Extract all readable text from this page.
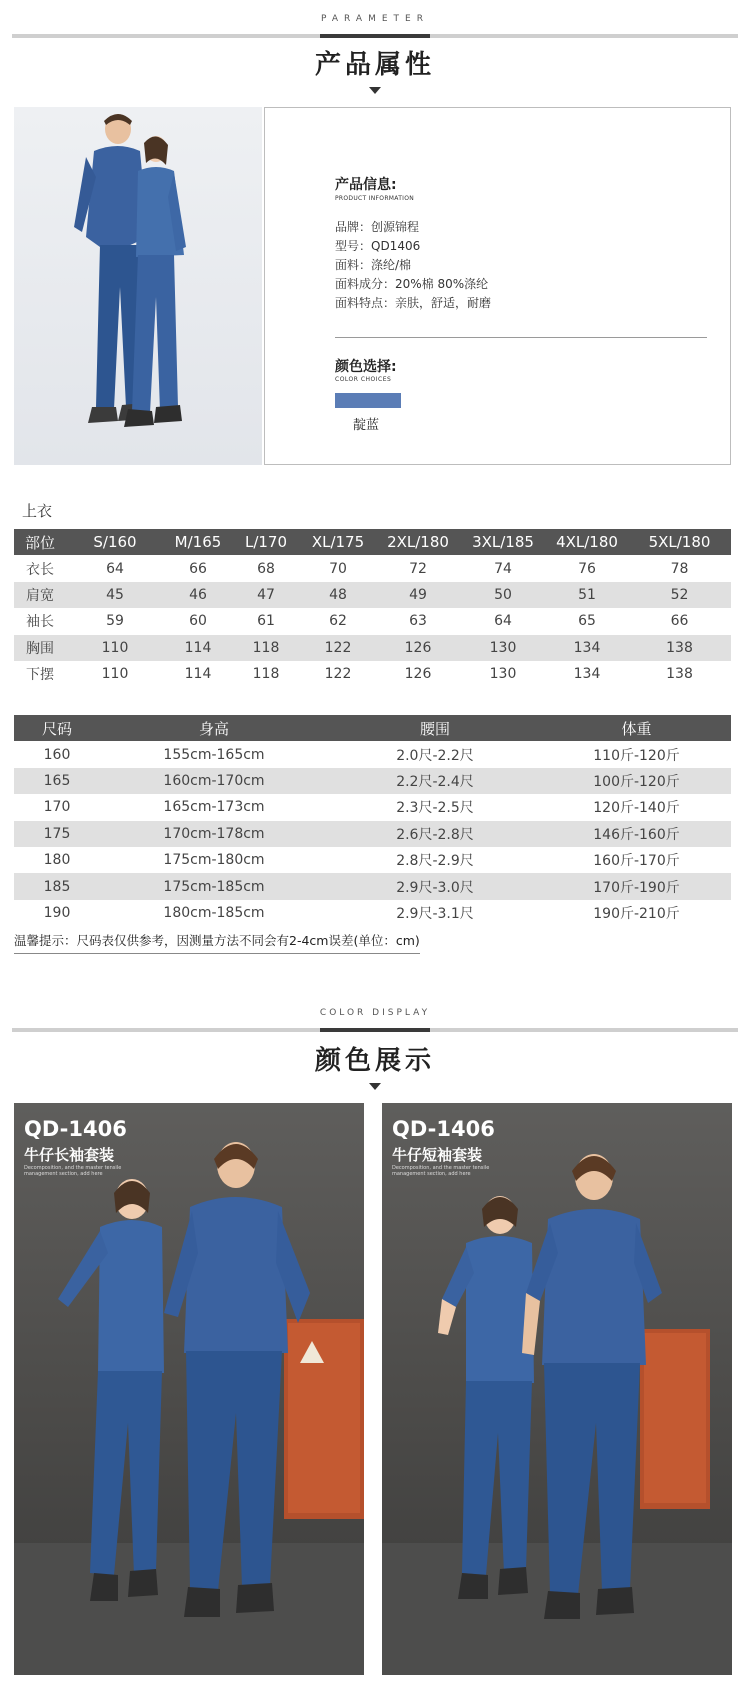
PARAMETER
产品属性
产品信息:
PRODUCT INFORMATION
品牌：创源锦程
型号：QD1406
面料：涤纶/棉
面料成分：20%棉 80%涤纶
面料特点：亲肤，舒适，耐磨
颜色选择:
COLOR CHOICES
靛蓝
上衣
部位	S/160	M/165	L/170	XL/175	2XL/180	3XL/185	4XL/180	5XL/180
衣长	64	66	68	70	72	74	76	78
肩宽	45	46	47	48	49	50	51	52
袖长	59	60	61	62	63	64	65	66
胸围	110	114	118	122	126	130	134	138
下摆	110	114	118	122	126	130	134	138
尺码	身高	腰围	体重
160	155cm-165cm	2.0尺-2.2尺	110斤-120斤
165	160cm-170cm	2.2尺-2.4尺	100斤-120斤
170	165cm-173cm	2.3尺-2.5尺	120斤-140斤
175	170cm-178cm	2.6尺-2.8尺	146斤-160斤
180	175cm-180cm	2.8尺-2.9尺	160斤-170斤
185	175cm-185cm	2.9尺-3.0尺	170斤-190斤
190	180cm-185cm	2.9尺-3.1尺	190斤-210斤
温馨提示：尺码表仅供参考，因测量方法不同会有2-4cm误差(单位：cm)
COLOR DISPLAY
颜色展示
QD-1406
牛仔长袖套装
Decomposition, and the master tensile management section, add here
QD-1406
牛仔短袖套装
Decomposition, and the master tensile management section, add here
